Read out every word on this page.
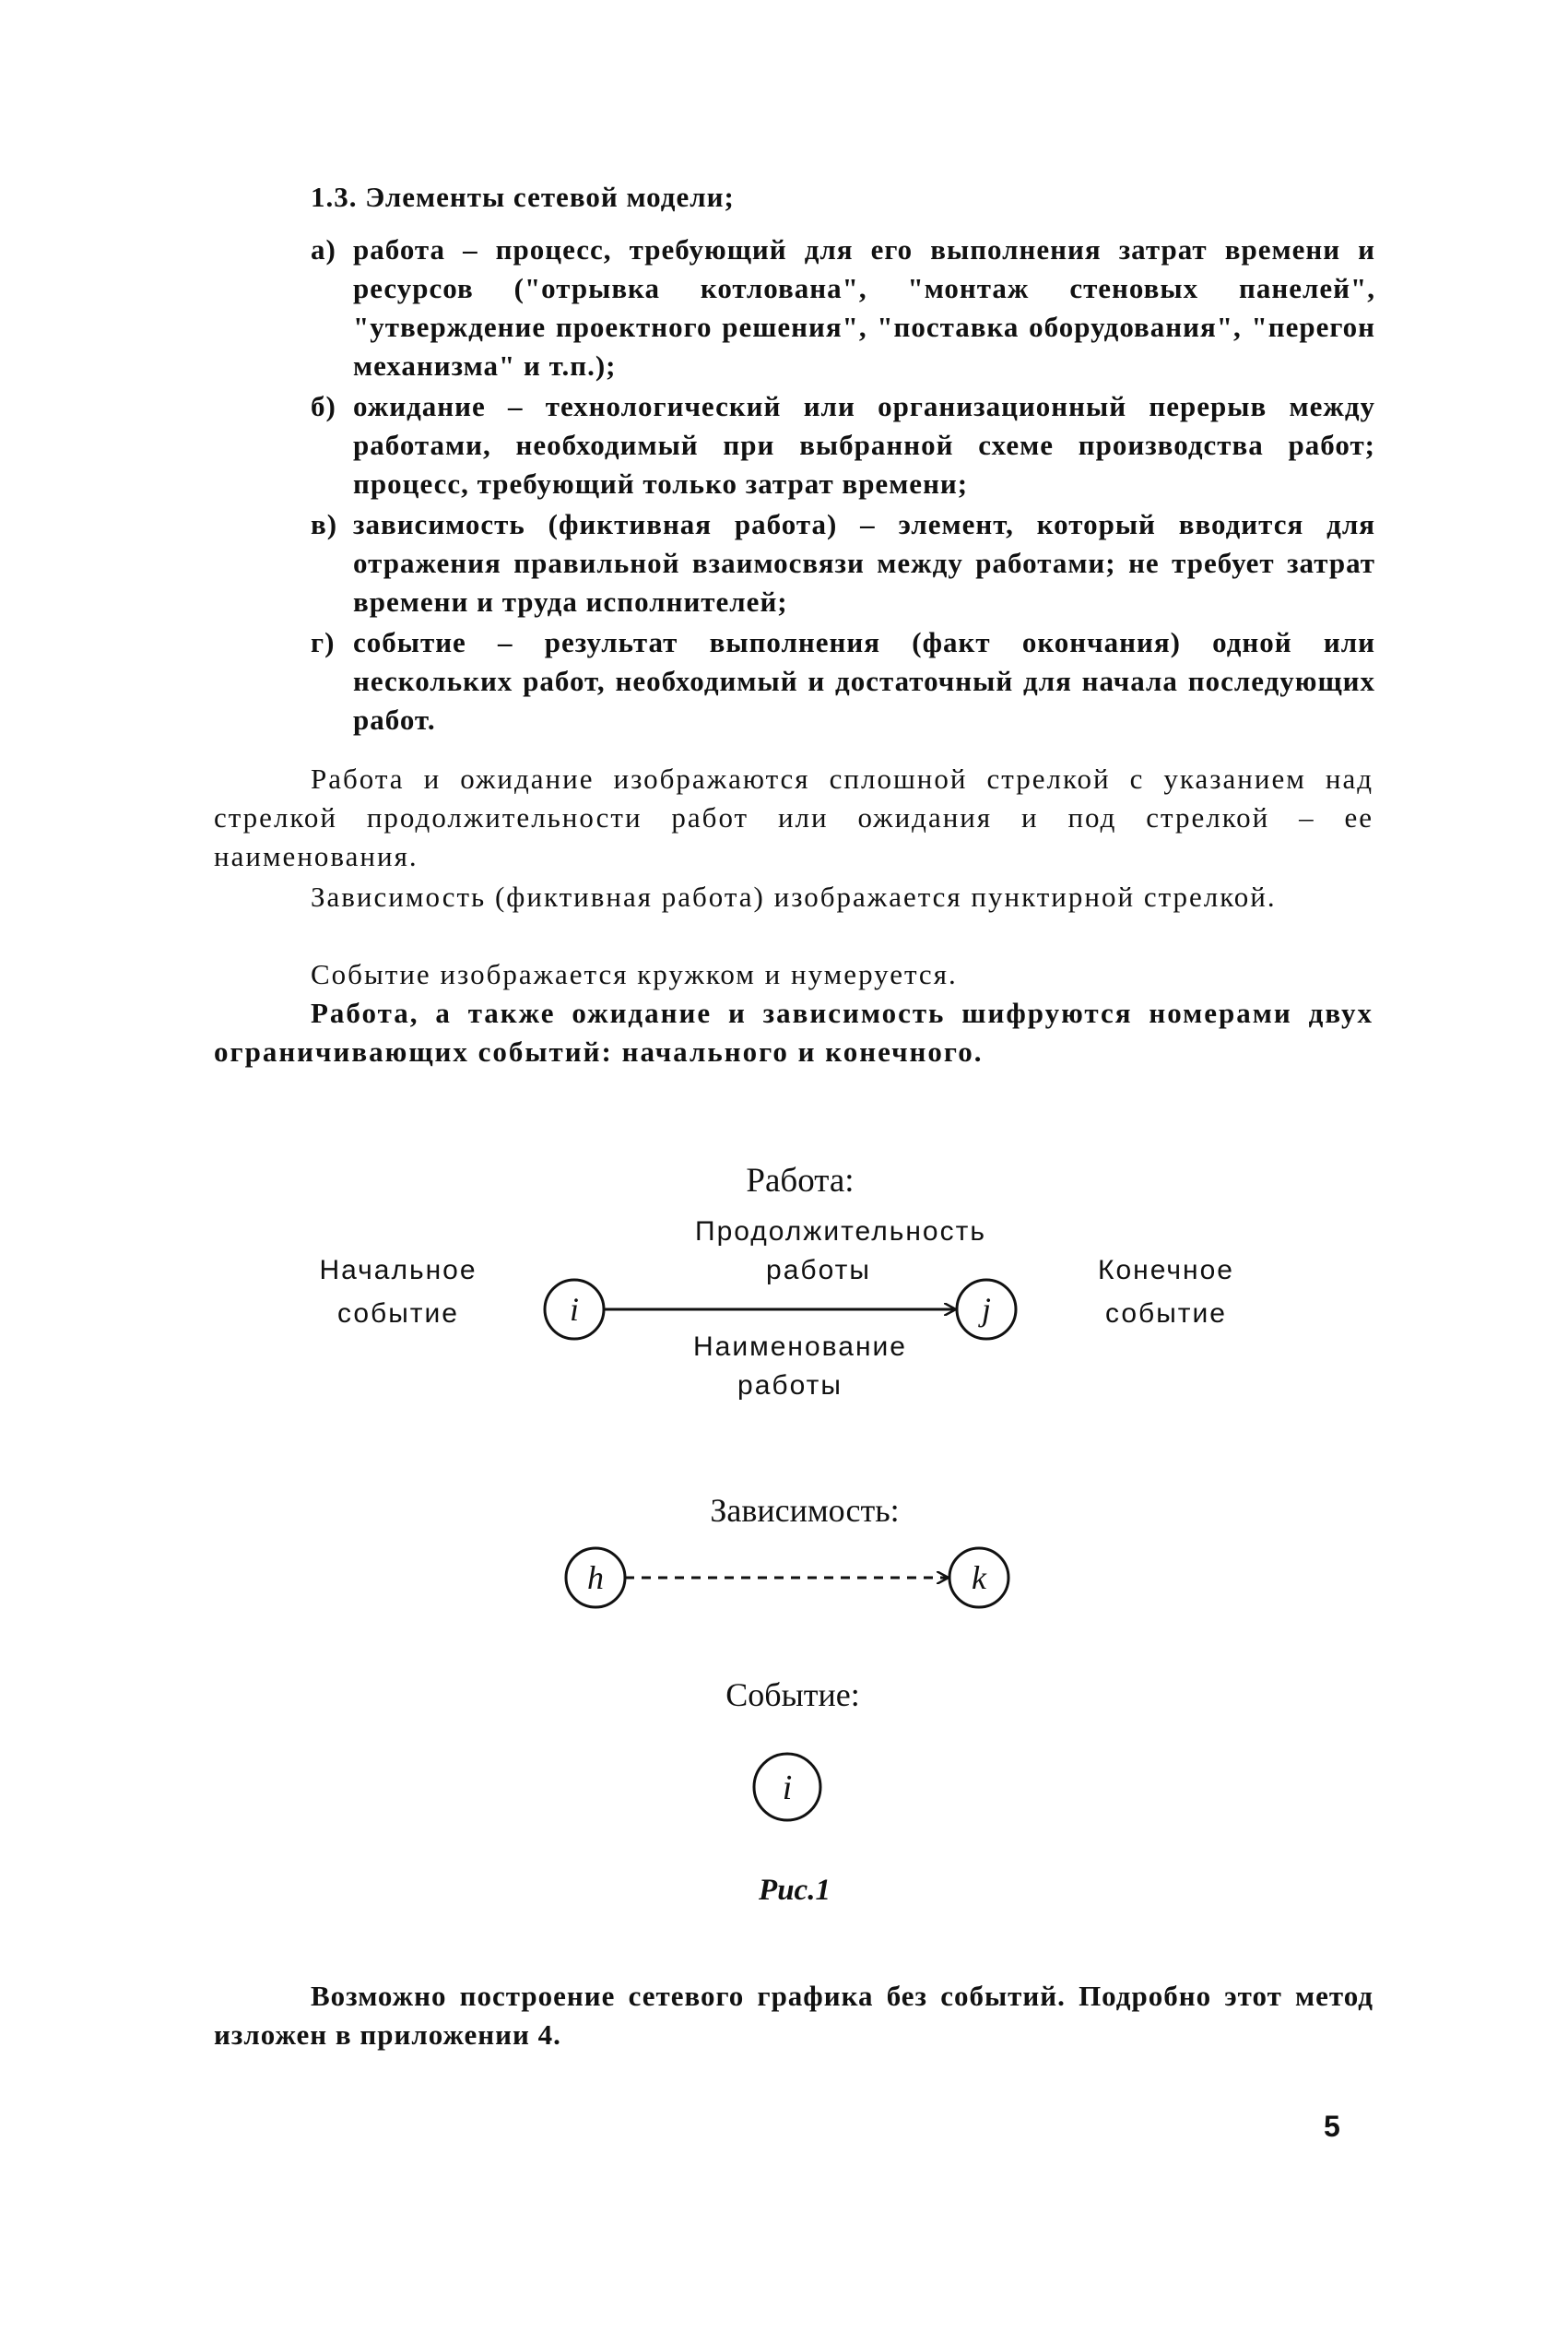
1.3. Элементы сетевой модели;
а) работа – процесс, требующий для его выполнения затрат времени и ресурсов ("отрывка котлована", "монтаж стеновых панелей", "утверждение проектного решения", "поставка оборудования", "перегон механизма" и т.п.);
б) ожидание – технологический или организационный перерыв между работами, необходимый при выбранной схеме производства работ; процесс, требующий только затрат времени;
в) зависимость (фиктивная работа) – элемент, который вводится для отражения правильной взаимосвязи между работами; не требует затрат времени и труда исполнителей;
г) событие – результат выполнения (факт окончания) одной или нескольких работ, необходимый и достаточный для начала последующих работ.
Работа и ожидание изображаются сплошной стрелкой с указанием над стрелкой продолжительности работ или ожидания и под стрелкой – ее наименования.
Зависимость (фиктивная работа) изображается пунктирной стрелкой.
Событие изображается кружком и нумеруется.
Работа, а также ожидание и зависимость шифруются номерами двух ограничивающих событий: начального и конечного.
Работа:
Продолжительность
работы
Начальное
событие
Конечное
событие
i	j
Наименование
работы
Зависимость:
h	k
Событие:
i
Рис.1
Возможно построение сетевого графика без событий. Подробно этот метод изложен в приложении 4.
5
